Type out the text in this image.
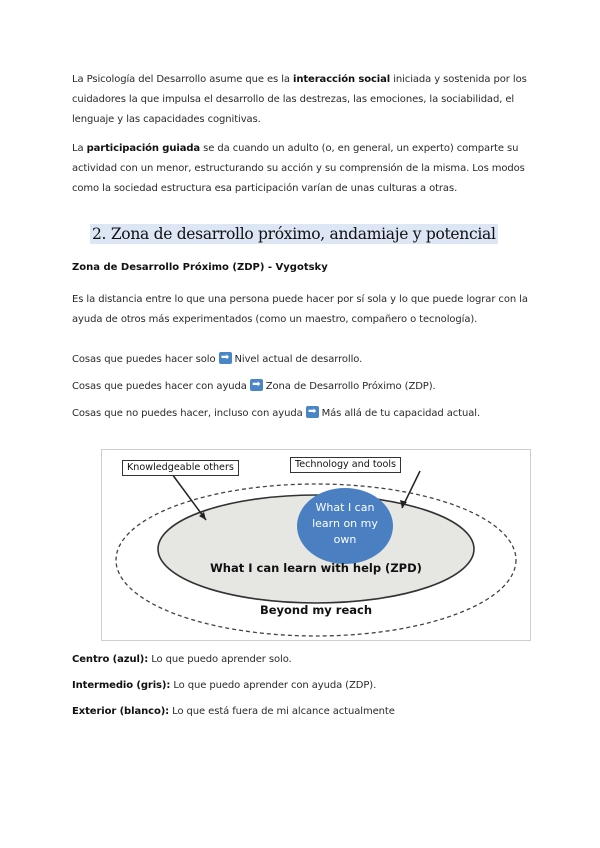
La Psicología del Desarrollo asume que es la interacción social iniciada y sostenida por los cuidadores la que impulsa el desarrollo de las destrezas, las emociones, la sociabilidad, el lenguaje y las capacidades cognitivas.
La participación guiada se da cuando un adulto (o, en general, un experto) comparte su actividad con un menor, estructurando su acción y su comprensión de la misma. Los modos como la sociedad estructura esa participación varían de unas culturas a otras.
2. Zona de desarrollo próximo, andamiaje y potencial
Zona de Desarrollo Próximo (ZDP) - Vygotsky
Es la distancia entre lo que una persona puede hacer por sí sola y lo que puede lograr con la ayuda de otros más experimentados (como un maestro, compañero o tecnología).
Cosas que puedes hacer solo ➡ Nivel actual de desarrollo.
Cosas que puedes hacer con ayuda ➡ Zona de Desarrollo Próximo (ZDP).
Cosas que no puedes hacer, incluso con ayuda ➡ Más allá de tu capacidad actual.
Knowledgeable others	Technology and tools
What I can learn on my own
What I can learn with help (ZPD)
Beyond my reach
Centro (azul): Lo que puedo aprender solo.
Intermedio (gris): Lo que puedo aprender con ayuda (ZDP).
Exterior (blanco): Lo que está fuera de mi alcance actualmente
